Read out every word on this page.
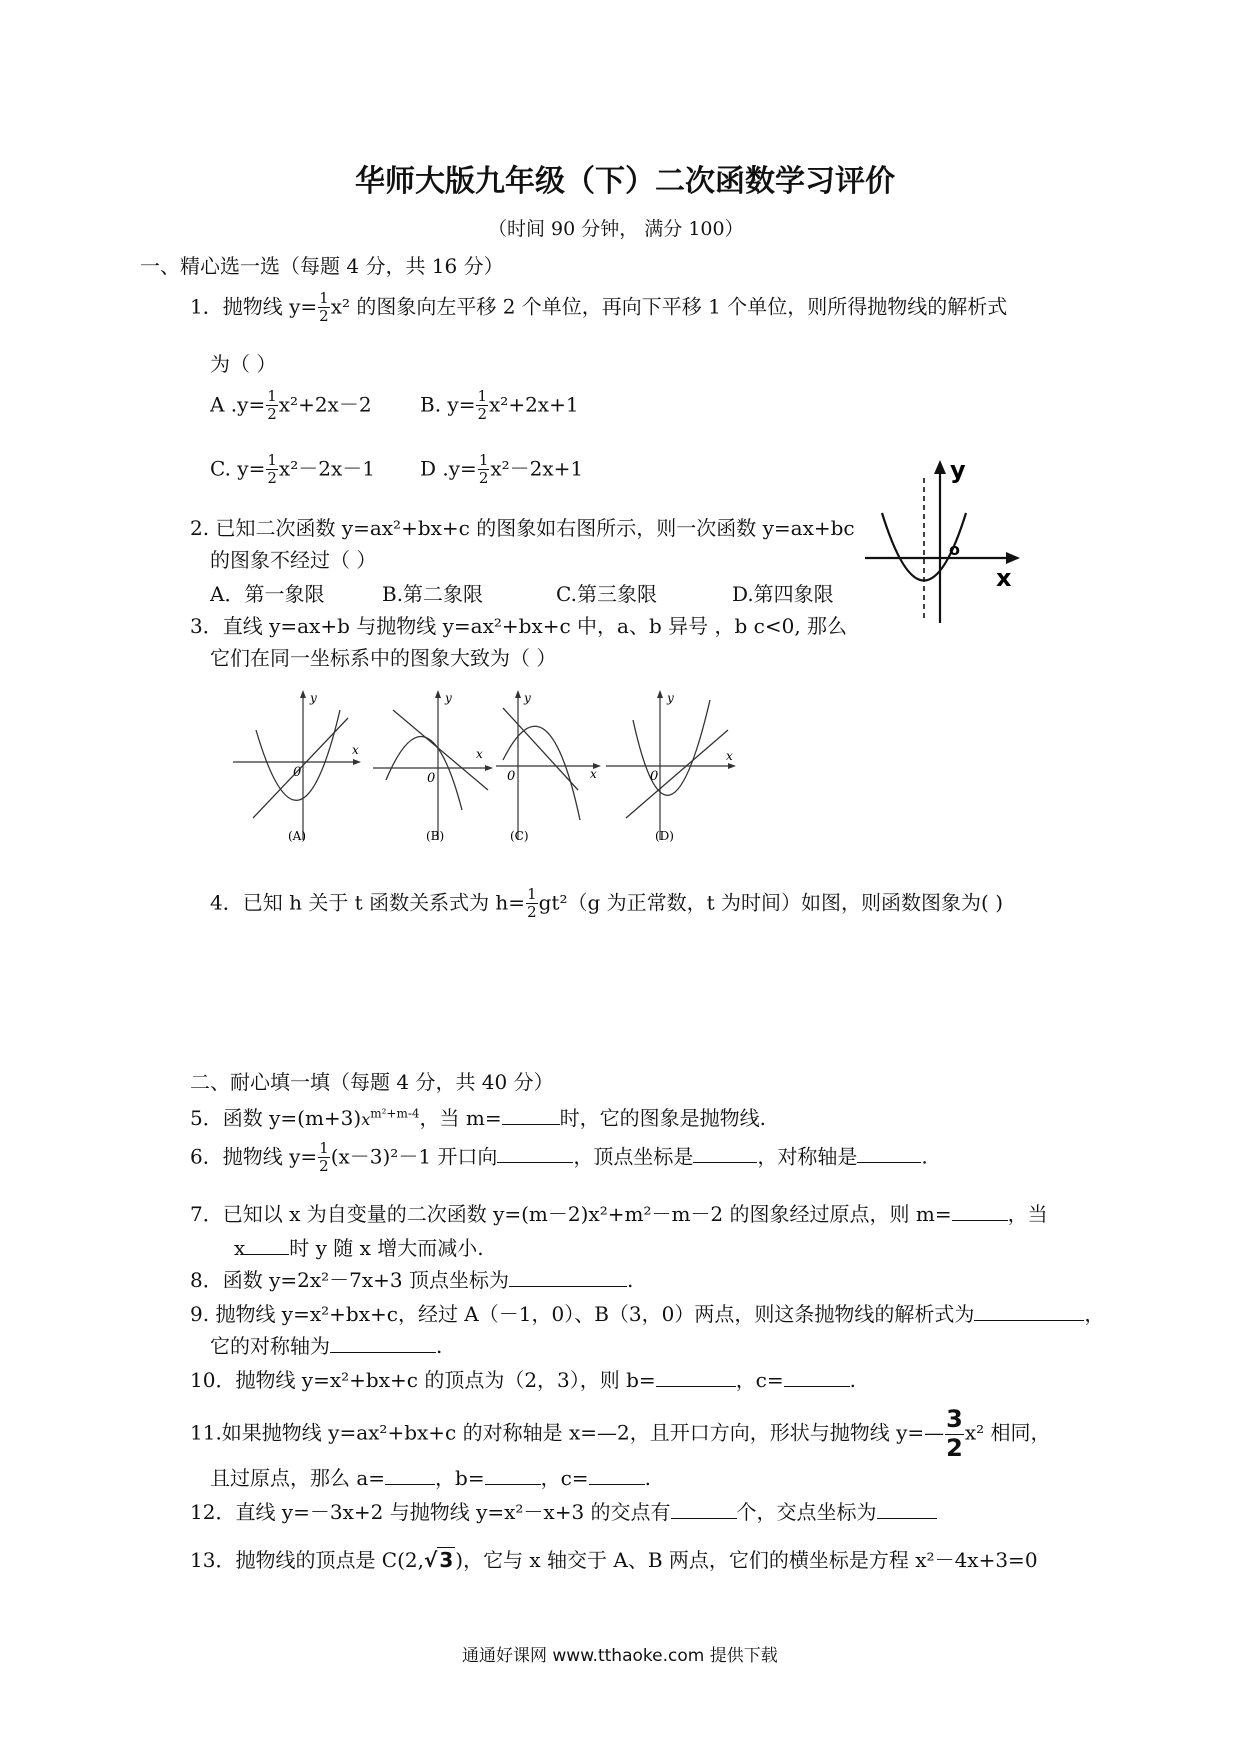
华师大版九年级（下）二次函数学习评价
（时间 90 分钟， 满分 100）
一、精心选一选（每题 4 分，共 16 分）
1．抛物线 $y= \frac{1}{2} x^2$ 的图象向左平移 2 个单位，再向下平移 1 个单位，则所得抛物线的解析式
为（ ）
A $.y= \frac{1}{2} x^2+2x-2$ B. $y= \frac{1}{2} x^2+2x+1$
C. $y= \frac{1}{2} x^2-2x-1$ D $.y= \frac{1}{2} x^2-2x+1$	y
x
o
2. 已知二次函数 y=ax²+bx+c 的图象如右图所示，则一次函数 y=ax+bc
的图象不经过（ ）
A．第一象限	B.第二象限	C.第三象限	D.第四象限
3．直线 y=ax+b 与抛物线 y=ax²+bx+c 中，a、b 异号 ，b c<0, 那么
它们在同一坐标系中的图象大致为（ ）
y
x
0
(A)
y
x
0
(B)
y
x
0
(C)
y
x
0
(D)
4．已知 h 关于 t 函数关系式为 $h= \frac{1}{2} gt^2(g$ 为正常数，t 为时间）如图，则函数图象为( )
二、耐心填一填（每题 4 分，共 40 分）
5．函数 $y=(m+3)x^{m^2+m-4}$，当 m=	时，它的图象是抛物线.
6．抛物线 $y= \frac{1}{2} (x-3)^2-1$ 开口向	，顶点坐标是	，对称轴是	.
7．已知以 x 为自变量的二次函数 y=(m－2)x²+m²－m－2 的图象经过原点，则 m=	，当
x 时 y 随 x 增大而减小.
8．函数 y=2x²－7x+3 顶点坐标为	.
9. 抛物线 y=x²+bx+c，经过 A（－1，0）、B（3，0）两点，则这条抛物线的解析式为	，
它的对称轴为	.
10．抛物线 y=x²+bx+c 的顶点为（2，3），则 b=	，c=	.
11.如果抛物线 y=ax²+bx+c 的对称轴是 x=—2，且开口方向，形状与抛物线 y=— $\frac{3}{2} x^2$ 相同，
且过原点，那么 a=	，b=	，c=	.
12．直线 y=－3x+2 与抛物线 y=x²－x+3 的交点有	个，交点坐标为
13．抛物线的顶点是 C(2,√ 3 )，它与 x 轴交于 A、B 两点，它们的横坐标是方程 x²－4x+3=0
通通好课网 www.tthaoke.com 提供下载
